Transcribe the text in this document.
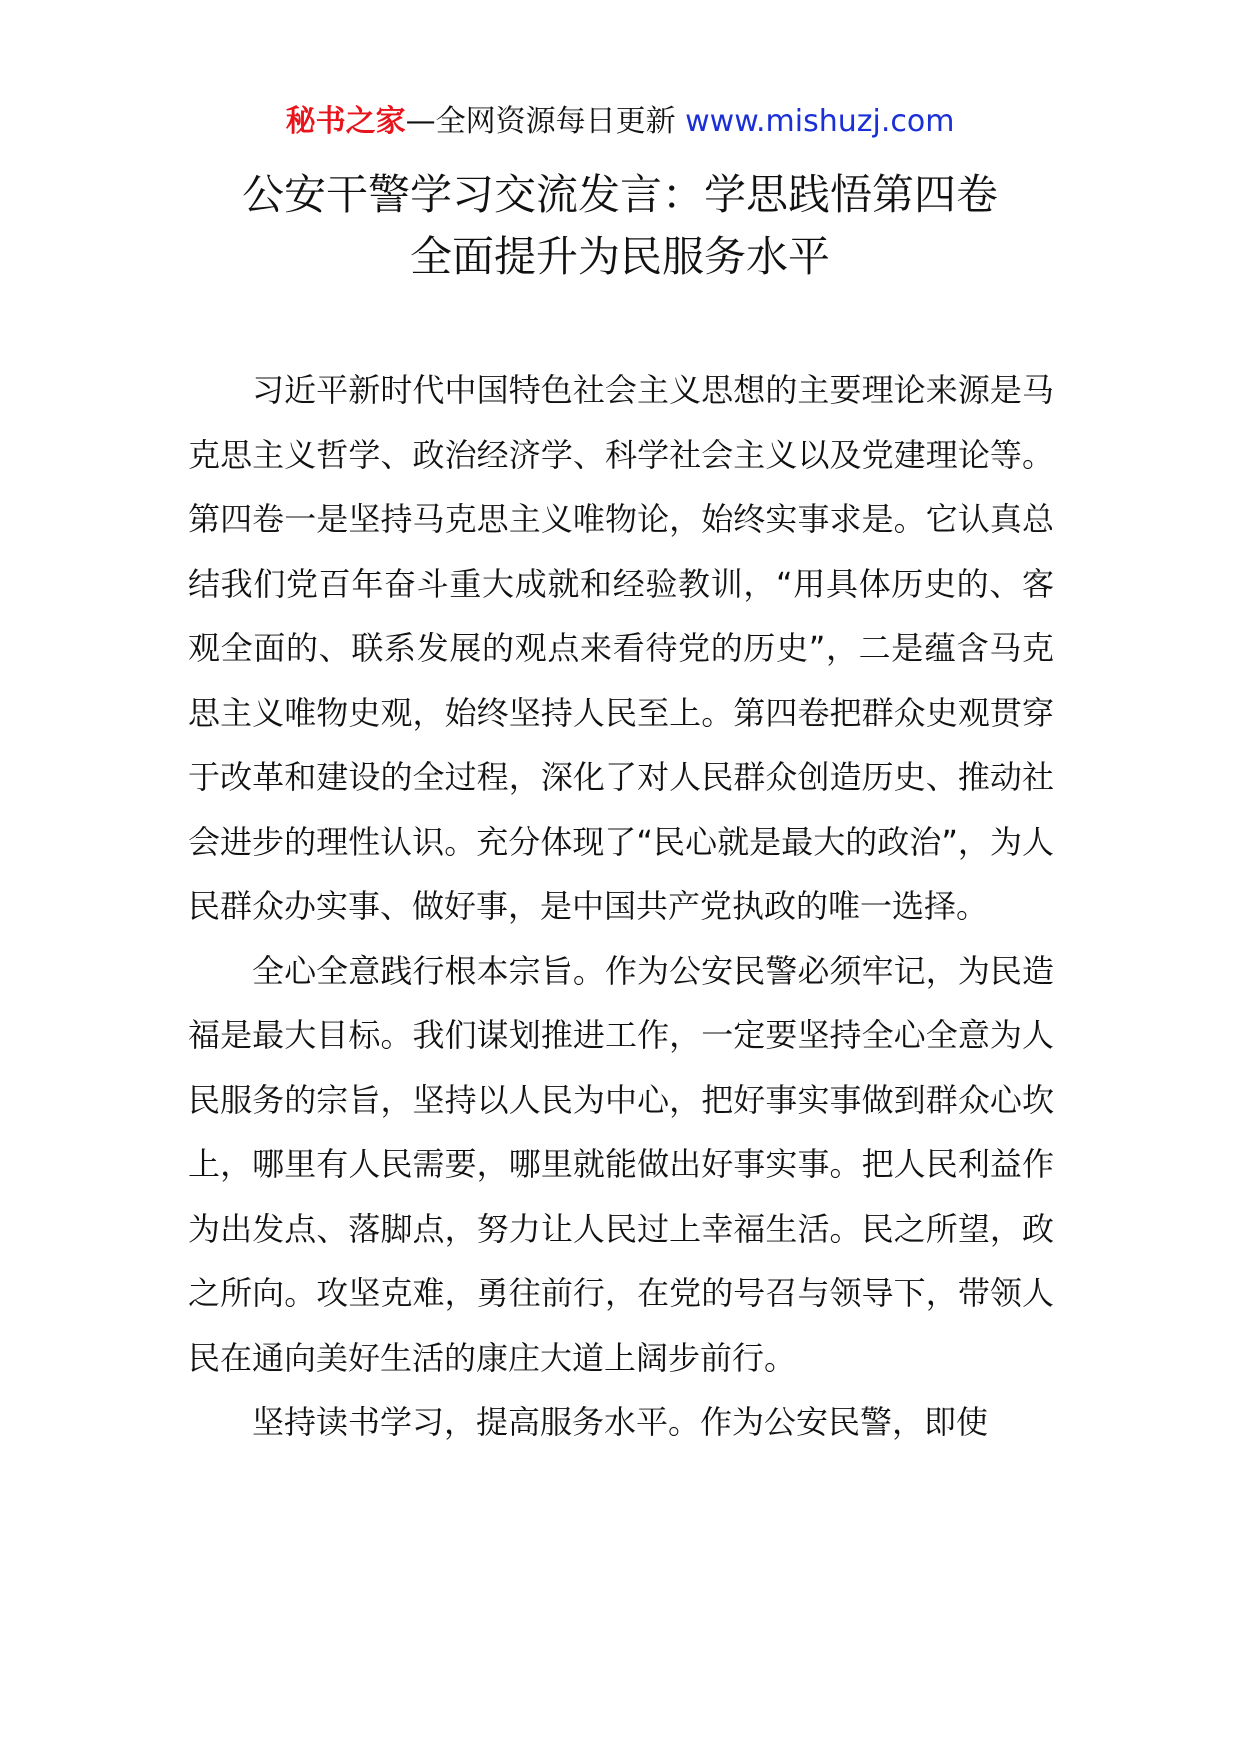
秘书之家—全网资源每日更新 www.mishuzj.com
公安干警学习交流发言：学思践悟第四卷
全面提升为民服务水平

习近平新时代中国特色社会主义思想的主要理论来源是马克思主义哲学、政治经济学、科学社会主义以及党建理论等。第四卷一是坚持马克思主义唯物论，始终实事求是。它认真总结我们党百年奋斗重大成就和经验教训，“用具体历史的、客观全面的、联系发展的观点来看待党的历史”，二是蕴含马克思主义唯物史观，始终坚持人民至上。第四卷把群众史观贯穿于改革和建设的全过程，深化了对人民群众创造历史、推动社会进步的理性认识。充分体现了“民心就是最大的政治”，为人民群众办实事、做好事，是中国共产党执政的唯一选择。

全心全意践行根本宗旨。作为公安民警必须牢记，为民造福是最大目标。我们谋划推进工作，一定要坚持全心全意为人民服务的宗旨，坚持以人民为中心，把好事实事做到群众心坎上，哪里有人民需要，哪里就能做出好事实事。把人民利益作为出发点、落脚点，努力让人民过上幸福生活。民之所望，政之所向。攻坚克难，勇往前行，在党的号召与领导下，带领人民在通向美好生活的康庄大道上阔步前行。

坚持读书学习，提高服务水平。作为公安民警，即使
